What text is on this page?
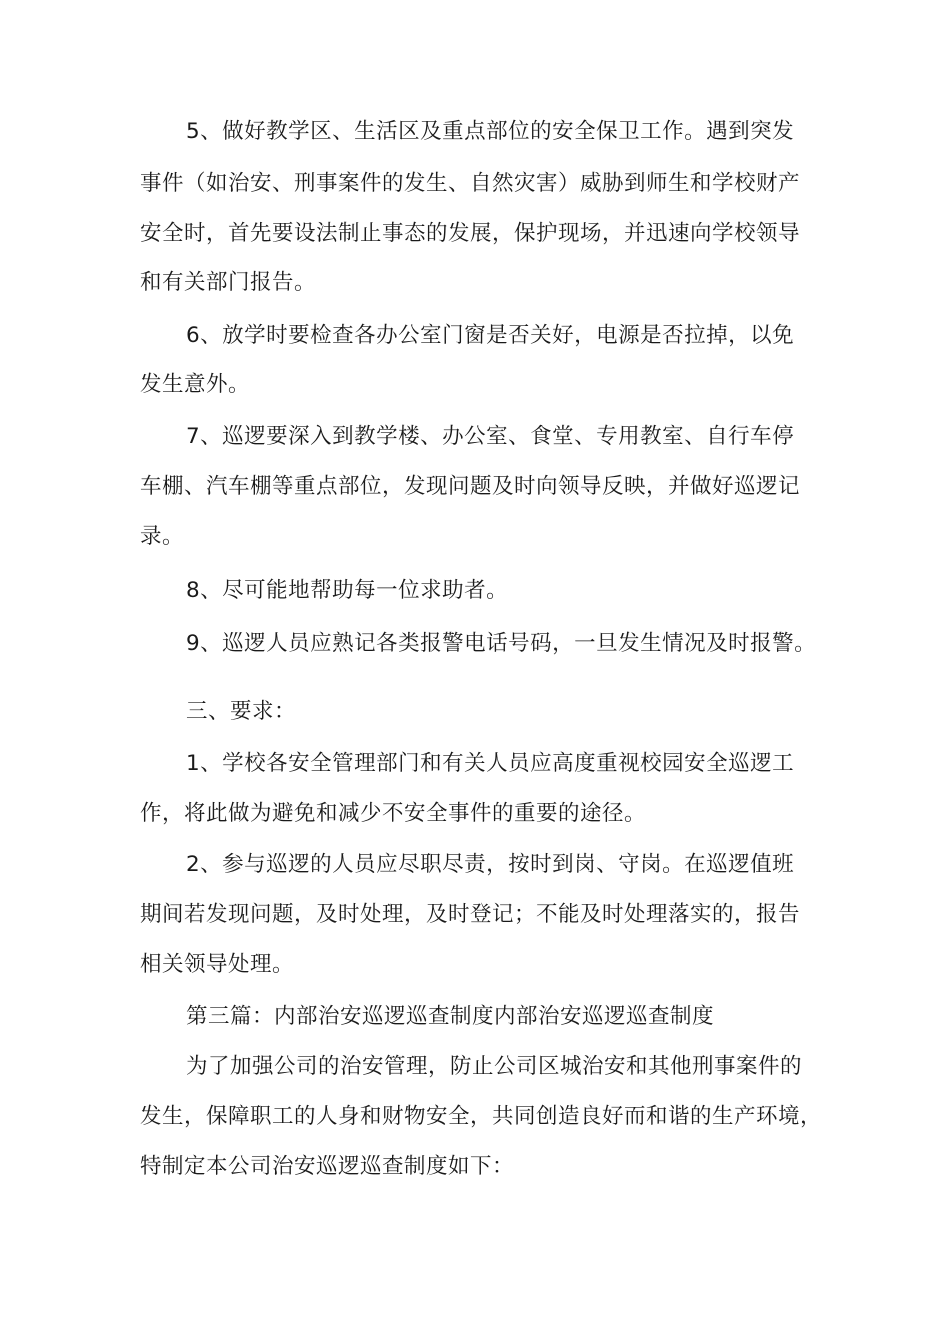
5、做好教学区、生活区及重点部位的安全保卫工作。遇到突发
事件（如治安、刑事案件的发生、自然灾害）威胁到师生和学校财产
安全时，首先要设法制止事态的发展，保护现场，并迅速向学校领导
和有关部门报告。
6、放学时要检查各办公室门窗是否关好，电源是否拉掉，以免
发生意外。
7、巡逻要深入到教学楼、办公室、食堂、专用教室、自行车停
车棚、汽车棚等重点部位，发现问题及时向领导反映，并做好巡逻记
录。
8、尽可能地帮助每一位求助者。
9、巡逻人员应熟记各类报警电话号码，一旦发生情况及时报警。
三、要求：
1、学校各安全管理部门和有关人员应高度重视校园安全巡逻工
作，将此做为避免和减少不安全事件的重要的途径。
2、参与巡逻的人员应尽职尽责，按时到岗、守岗。在巡逻值班
期间若发现问题，及时处理，及时登记；不能及时处理落实的，报告
相关领导处理。
第三篇：内部治安巡逻巡查制度内部治安巡逻巡查制度
为了加强公司的治安管理，防止公司区城治安和其他刑事案件的
发生，保障职工的人身和财物安全，共同创造良好而和谐的生产环境，
特制定本公司治安巡逻巡查制度如下：
